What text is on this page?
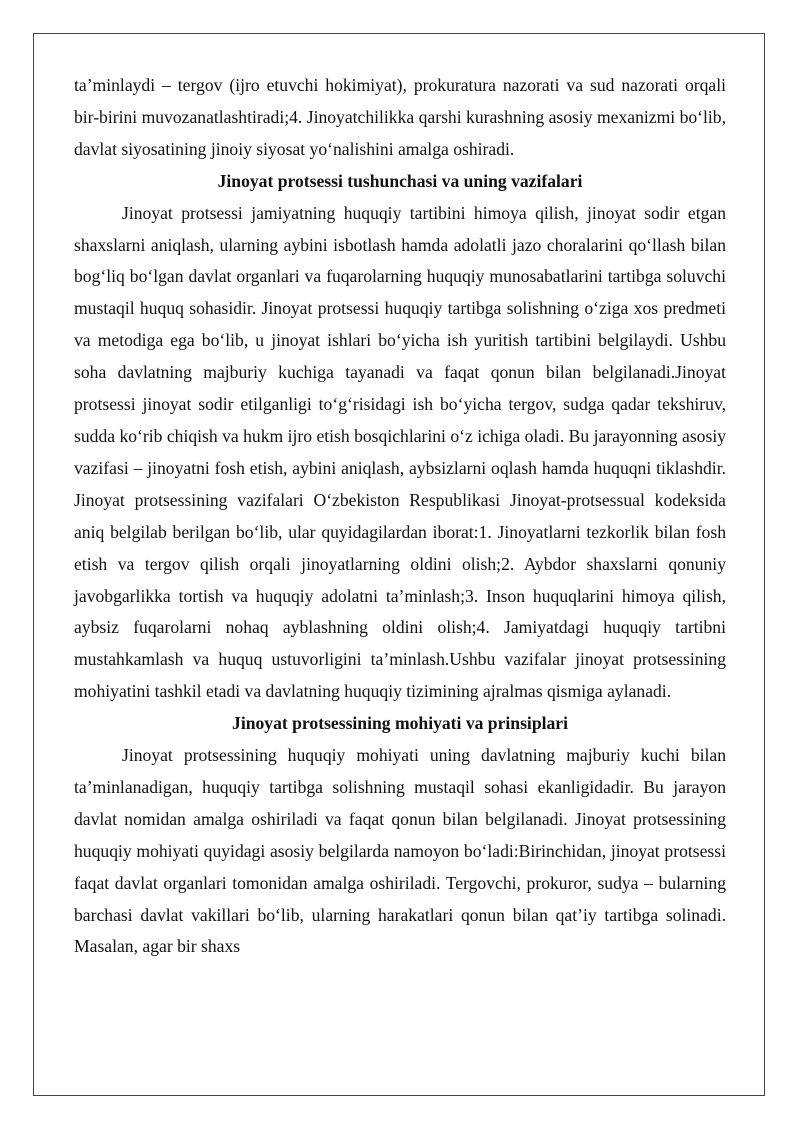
ta’minlaydi – tergov (ijro etuvchi hokimiyat), prokuratura nazorati va sud nazorati orqali bir-birini muvozanatlashtiradi;4. Jinoyatchilikka qarshi kurashning asosiy mexanizmi bo‘lib, davlat siyosatining jinoiy siyosat yo‘nalishini amalga oshiradi.

Jinoyat protsessi tushunchasi va uning vazifalari

Jinoyat protsessi jamiyatning huquqiy tartibini himoya qilish, jinoyat sodir etgan shaxslarni aniqlash, ularning aybini isbotlash hamda adolatli jazo choralarini qo‘llash bilan bog‘liq bo‘lgan davlat organlari va fuqarolarning huquqiy munosabatlarini tartibga soluvchi mustaqil huquq sohasidir. Jinoyat protsessi huquqiy tartibga solishning o‘ziga xos predmeti va metodiga ega bo‘lib, u jinoyat ishlari bo‘yicha ish yuritish tartibini belgilaydi. Ushbu soha davlatning majburiy kuchiga tayanadi va faqat qonun bilan belgilanadi.Jinoyat protsessi jinoyat sodir etilganligi to‘g‘risidagi ish bo‘yicha tergov, sudga qadar tekshiruv, sudda ko‘rib chiqish va hukm ijro etish bosqichlarini o‘z ichiga oladi. Bu jarayonning asosiy vazifasi – jinoyatni fosh etish, aybini aniqlash, aybsizlarni oqlash hamda huquqni tiklashdir. Jinoyat protsessining vazifalari O‘zbekiston Respublikasi Jinoyat-protsessual kodeksida aniq belgilab berilgan bo‘lib, ular quyidagilardan iborat:1. Jinoyatlarni tezkorlik bilan fosh etish va tergov qilish orqali jinoyatlarning oldini olish;2. Aybdor shaxslarni qonuniy javobgarlikka tortish va huquqiy adolatni ta’minlash;3. Inson huquqlarini himoya qilish, aybsiz fuqarolarni nohaq ayblashning oldini olish;4. Jamiyatdagi huquqiy tartibni mustahkamlash va huquq ustuvorligini ta’minlash.Ushbu vazifalar jinoyat protsessining mohiyatini tashkil etadi va davlatning huquqiy tizimining ajralmas qismiga aylanadi.

Jinoyat protsessining mohiyati va prinsiplari

Jinoyat protsessining huquqiy mohiyati uning davlatning majburiy kuchi bilan ta’minlanadigan, huquqiy tartibga solishning mustaqil sohasi ekanligidadir. Bu jarayon davlat nomidan amalga oshiriladi va faqat qonun bilan belgilanadi. Jinoyat protsessining huquqiy mohiyati quyidagi asosiy belgilarda namoyon bo‘ladi:Birinchidan, jinoyat protsessi faqat davlat organlari tomonidan amalga oshiriladi. Tergovchi, prokuror, sudya – bularning barchasi davlat vakillari bo‘lib, ularning harakatlari qonun bilan qat’iy tartibga solinadi. Masalan, agar bir shaxs
